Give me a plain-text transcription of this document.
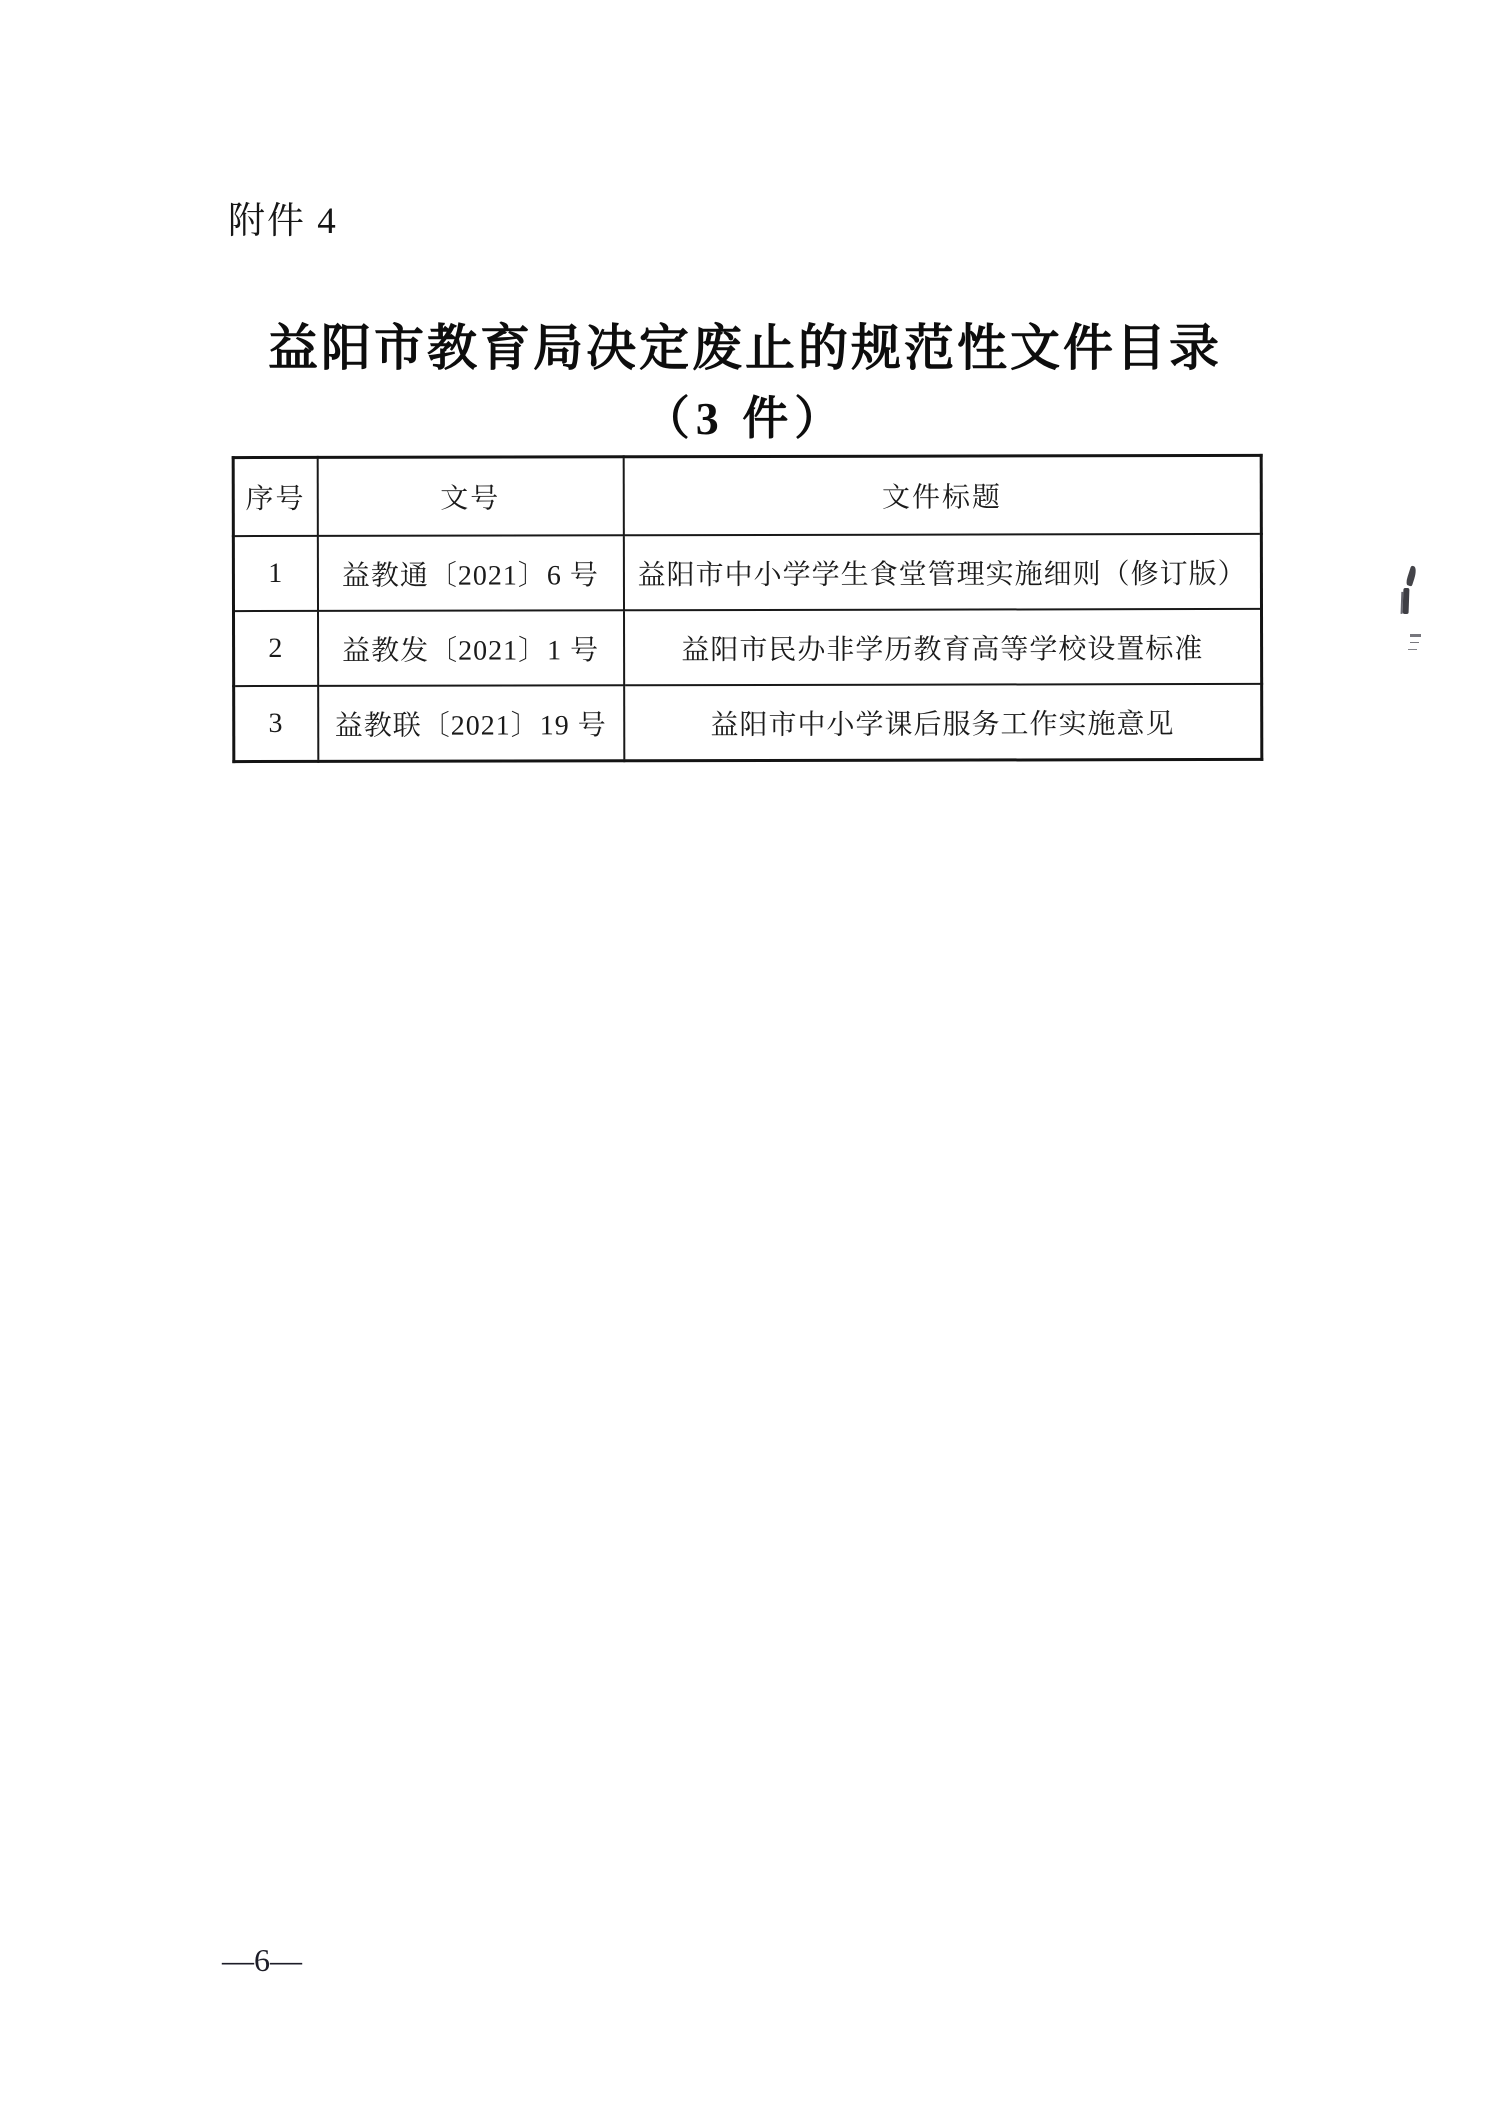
附件 4
益阳市教育局决定废止的规范性文件目录
（3 件）
序号	文号	文件标题
1	益教通〔2021〕6 号	益阳市中小学学生食堂管理实施细则（修订版）
2	益教发〔2021〕1 号	益阳市民办非学历教育高等学校设置标准
3	益教联〔2021〕19 号	益阳市中小学课后服务工作实施意见
—6—
